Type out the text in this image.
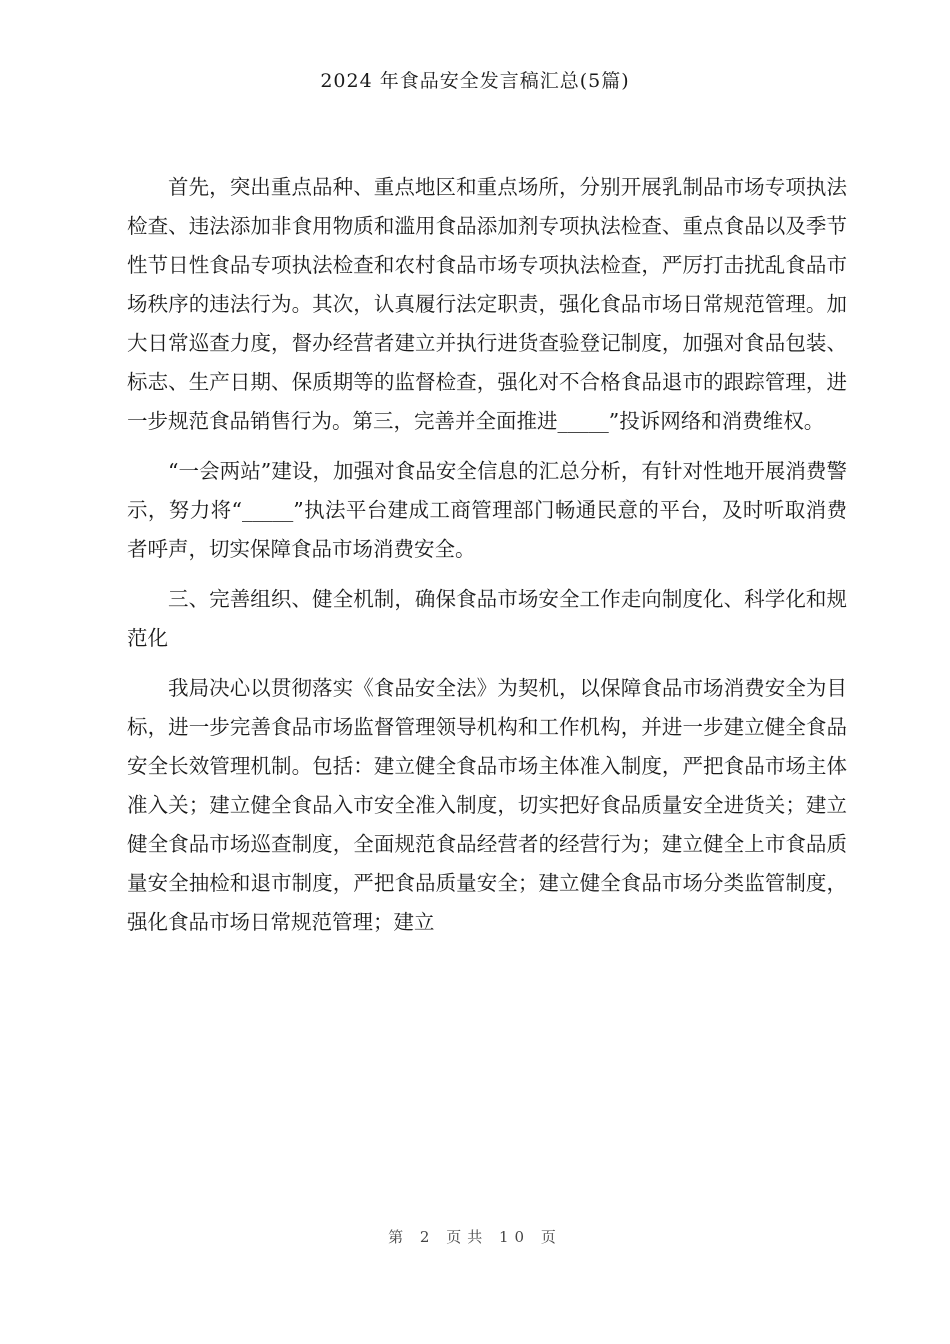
2024 年食品安全发言稿汇总(5篇)

首先，突出重点品种、重点地区和重点场所，分别开展乳制品市场专项执法检查、违法添加非食用物质和滥用食品添加剂专项执法检查、重点食品以及季节性节日性食品专项执法检查和农村食品市场专项执法检查，严厉打击扰乱食品市场秩序的违法行为。其次，认真履行法定职责，强化食品市场日常规范管理。加大日常巡查力度，督办经营者建立并执行进货查验登记制度，加强对食品包装、标志、生产日期、保质期等的监督检查，强化对不合格食品退市的跟踪管理，进一步规范食品销售行为。第三，完善并全面推进_____”投诉网络和消费维权。

“一会两站”建设，加强对食品安全信息的汇总分析，有针对性地开展消费警示，努力将“_____”执法平台建成工商管理部门畅通民意的平台，及时听取消费者呼声，切实保障食品市场消费安全。

三、完善组织、健全机制，确保食品市场安全工作走向制度化、科学化和规范化

我局决心以贯彻落实《食品安全法》为契机，以保障食品市场消费安全为目标，进一步完善食品市场监督管理领导机构和工作机构，并进一步建立健全食品安全长效管理机制。包括：建立健全食品市场主体准入制度，严把食品市场主体准入关；建立健全食品入市安全准入制度，切实把好食品质量安全进货关；建立健全食品市场巡查制度，全面规范食品经营者的经营行为；建立健全上市食品质量安全抽检和退市制度，严把食品质量安全；建立健全食品市场分类监管制度，强化食品市场日常规范管理；建立

第 2 页共 10 页
